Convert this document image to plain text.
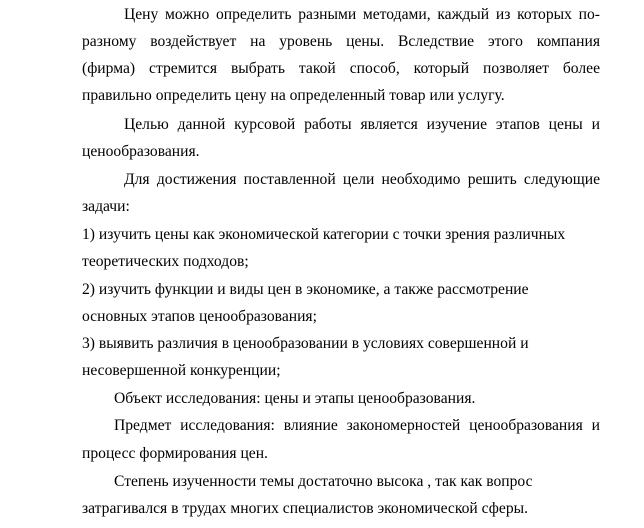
Цену можно определить разными методами, каждый из которых по-

разному воздействует на уровень цены. Вследствие этого компания

(фирма) стремится выбрать такой способ, который позволяет более

правильно определить цену на определенный товар или услугу.

Целью данной курсовой работы является изучение этапов цены и

ценообразования.

Для достижения поставленной цели необходимо решить следующие

задачи:

1) изучить цены как экономической категории с точки зрения различных

теоретических подходов;

2) изучить функции и виды цен в экономике, а также рассмотрение

основных этапов ценообразования;

3) выявить различия в ценообразовании в условиях совершенной и

несовершенной конкуренции;

Объект исследования: цены и этапы ценообразования.

Предмет исследования: влияние закономерностей ценообразования и

процесс формирования цен.

Степень изученности темы достаточно высока , так как вопрос

затрагивался в трудах многих специалистов экономической сферы.
